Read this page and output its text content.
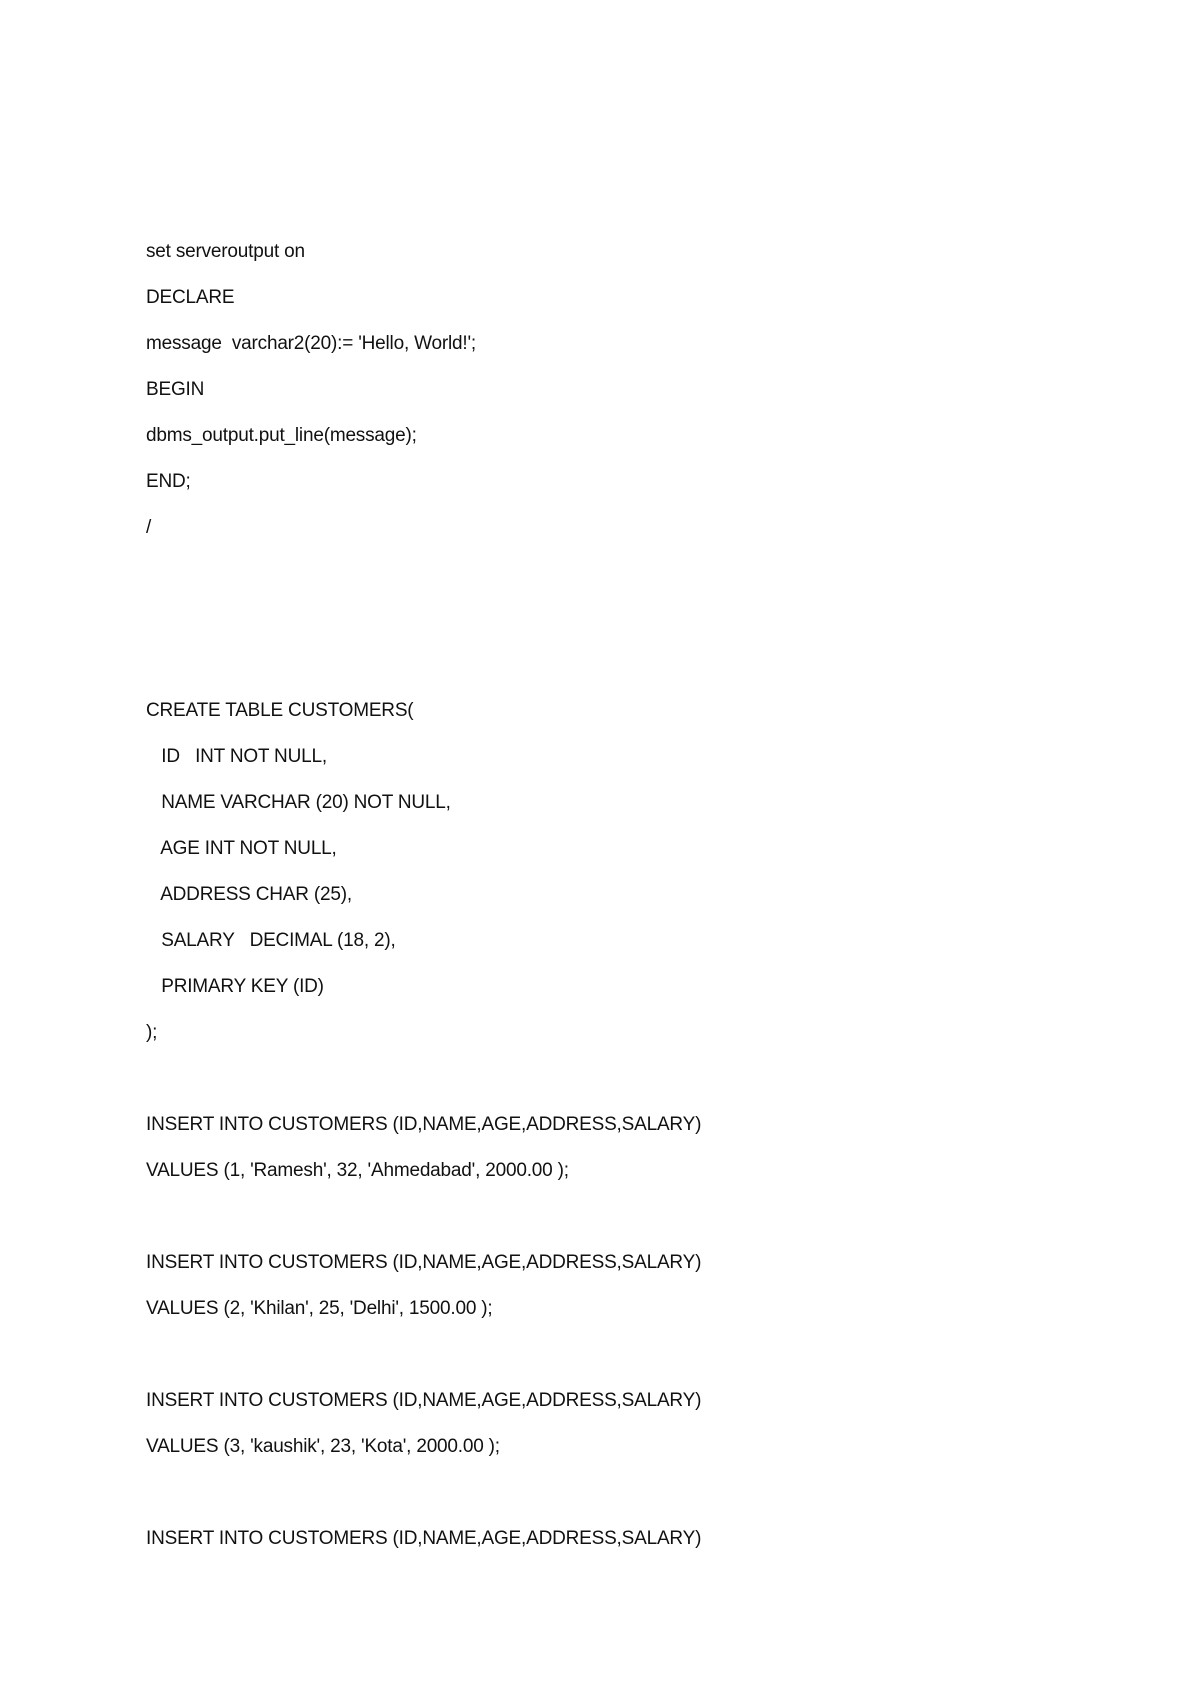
set serveroutput on
DECLARE
message  varchar2(20):= 'Hello, World!';
BEGIN
dbms_output.put_line(message);
END;
/
CREATE TABLE CUSTOMERS(
ID   INT NOT NULL,
NAME VARCHAR (20) NOT NULL,
AGE INT NOT NULL,
ADDRESS CHAR (25),
SALARY   DECIMAL (18, 2),
PRIMARY KEY (ID)
);
INSERT INTO CUSTOMERS (ID,NAME,AGE,ADDRESS,SALARY)
VALUES (1, 'Ramesh', 32, 'Ahmedabad', 2000.00 );
INSERT INTO CUSTOMERS (ID,NAME,AGE,ADDRESS,SALARY)
VALUES (2, 'Khilan', 25, 'Delhi', 1500.00 );
INSERT INTO CUSTOMERS (ID,NAME,AGE,ADDRESS,SALARY)
VALUES (3, 'kaushik', 23, 'Kota', 2000.00 );
INSERT INTO CUSTOMERS (ID,NAME,AGE,ADDRESS,SALARY)
